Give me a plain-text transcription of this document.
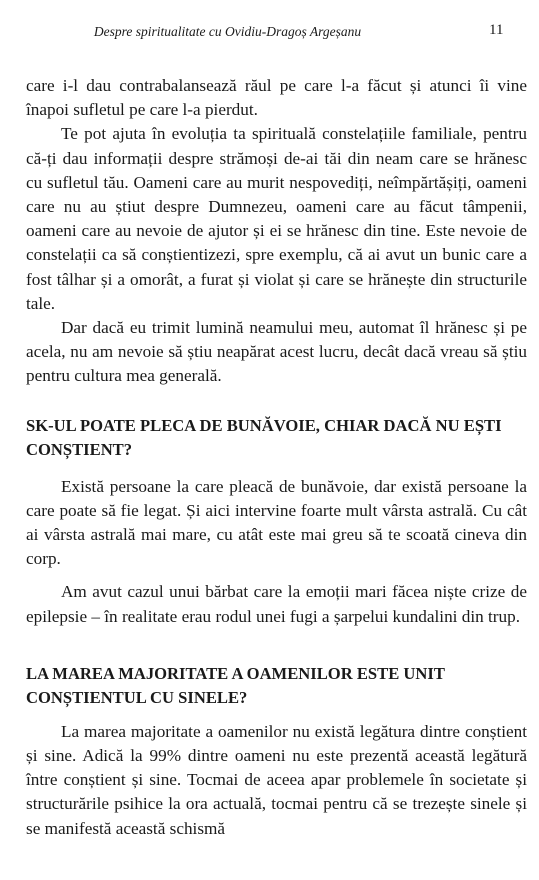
Despre spiritualitate cu Ovidiu-Dragoș Argeșanu	11

care i-l dau contrabalansează răul pe care l-a făcut și atunci îi vine înapoi sufletul pe care l-a pierdut.

Te pot ajuta în evoluția ta spirituală constelațiile familiale, pentru că-ți dau informații despre strămoși de-ai tăi din neam care se hrănesc cu sufletul tău. Oameni care au murit nespovediți, neîmpărtășiți, oameni care nu au știut despre Dumnezeu, oameni care au făcut tâmpenii, oameni care au nevoie de ajutor și ei se hrănesc din tine. Este nevoie de constelații ca să conștientizezi, spre exemplu, că ai avut un bunic care a fost tâlhar și a omorât, a furat și violat și care se hrănește din structurile tale.

Dar dacă eu trimit lumină neamului meu, automat îl hrănesc și pe acela, nu am nevoie să știu neapărat acest lucru, decât dacă vreau să știu pentru cultura mea generală.

SK-UL POATE PLECA DE BUNĂVOIE, CHIAR DACĂ NU EȘTI CONȘTIENT?

Există persoane la care pleacă de bunăvoie, dar există persoane la care poate să fie legat. Și aici intervine foarte mult vârsta astrală. Cu cât ai vârsta astrală mai mare, cu atât este mai greu să te scoată cineva din corp.

Am avut cazul unui bărbat care la emoții mari făcea niște crize de epilepsie – în realitate erau rodul unei fugi a șarpelui kundalini din trup.

LA MAREA MAJORITATE A OAMENILOR ESTE UNIT CONȘTIENTUL CU SINELE?

La marea majoritate a oamenilor nu există legătura dintre conștient și sine. Adică la 99% dintre oameni nu este prezentă această legătură între conștient și sine. Tocmai de aceea apar problemele în societate și structurările psihice la ora actuală, tocmai pentru că se trezește sinele și se manifestă această schismă
